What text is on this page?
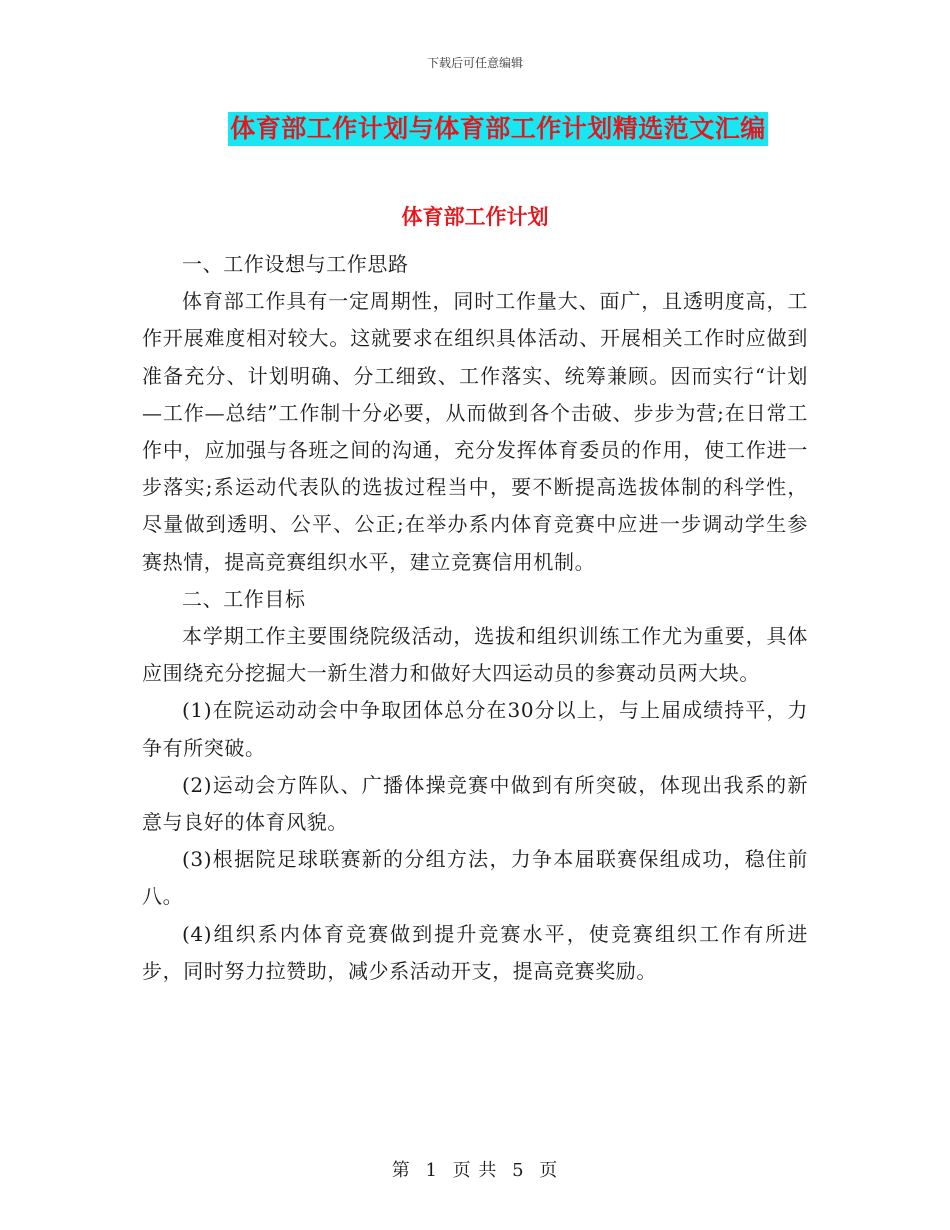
下载后可任意编辑
体育部工作计划与体育部工作计划精选范文汇编
体育部工作计划

一、工作设想与工作思路

体育部工作具有一定周期性，同时工作量大、面广，且透明度高，工作开展难度相对较大。这就要求在组织具体活动、开展相关工作时应做到准备充分、计划明确、分工细致、工作落实、统筹兼顾。因而实行“计划—工作—总结”工作制十分必要，从而做到各个击破、步步为营;在日常工作中，应加强与各班之间的沟通，充分发挥体育委员的作用，使工作进一步落实;系运动代表队的选拔过程当中，要不断提高选拔体制的科学性，尽量做到透明、公平、公正;在举办系内体育竞赛中应进一步调动学生参赛热情，提高竞赛组织水平，建立竞赛信用机制。

二、工作目标

本学期工作主要围绕院级活动，选拔和组织训练工作尤为重要，具体应围绕充分挖掘大一新生潜力和做好大四运动员的参赛动员两大块。

(1)在院运动动会中争取团体总分在30分以上，与上届成绩持平，力争有所突破。

(2)运动会方阵队、广播体操竞赛中做到有所突破，体现出我系的新意与良好的体育风貌。

(3)根据院足球联赛新的分组方法，力争本届联赛保组成功，稳住前八。

(4)组织系内体育竞赛做到提升竞赛水平，使竞赛组织工作有所进步，同时努力拉赞助，减少系活动开支，提高竞赛奖励。

第 1 页 共 5 页
